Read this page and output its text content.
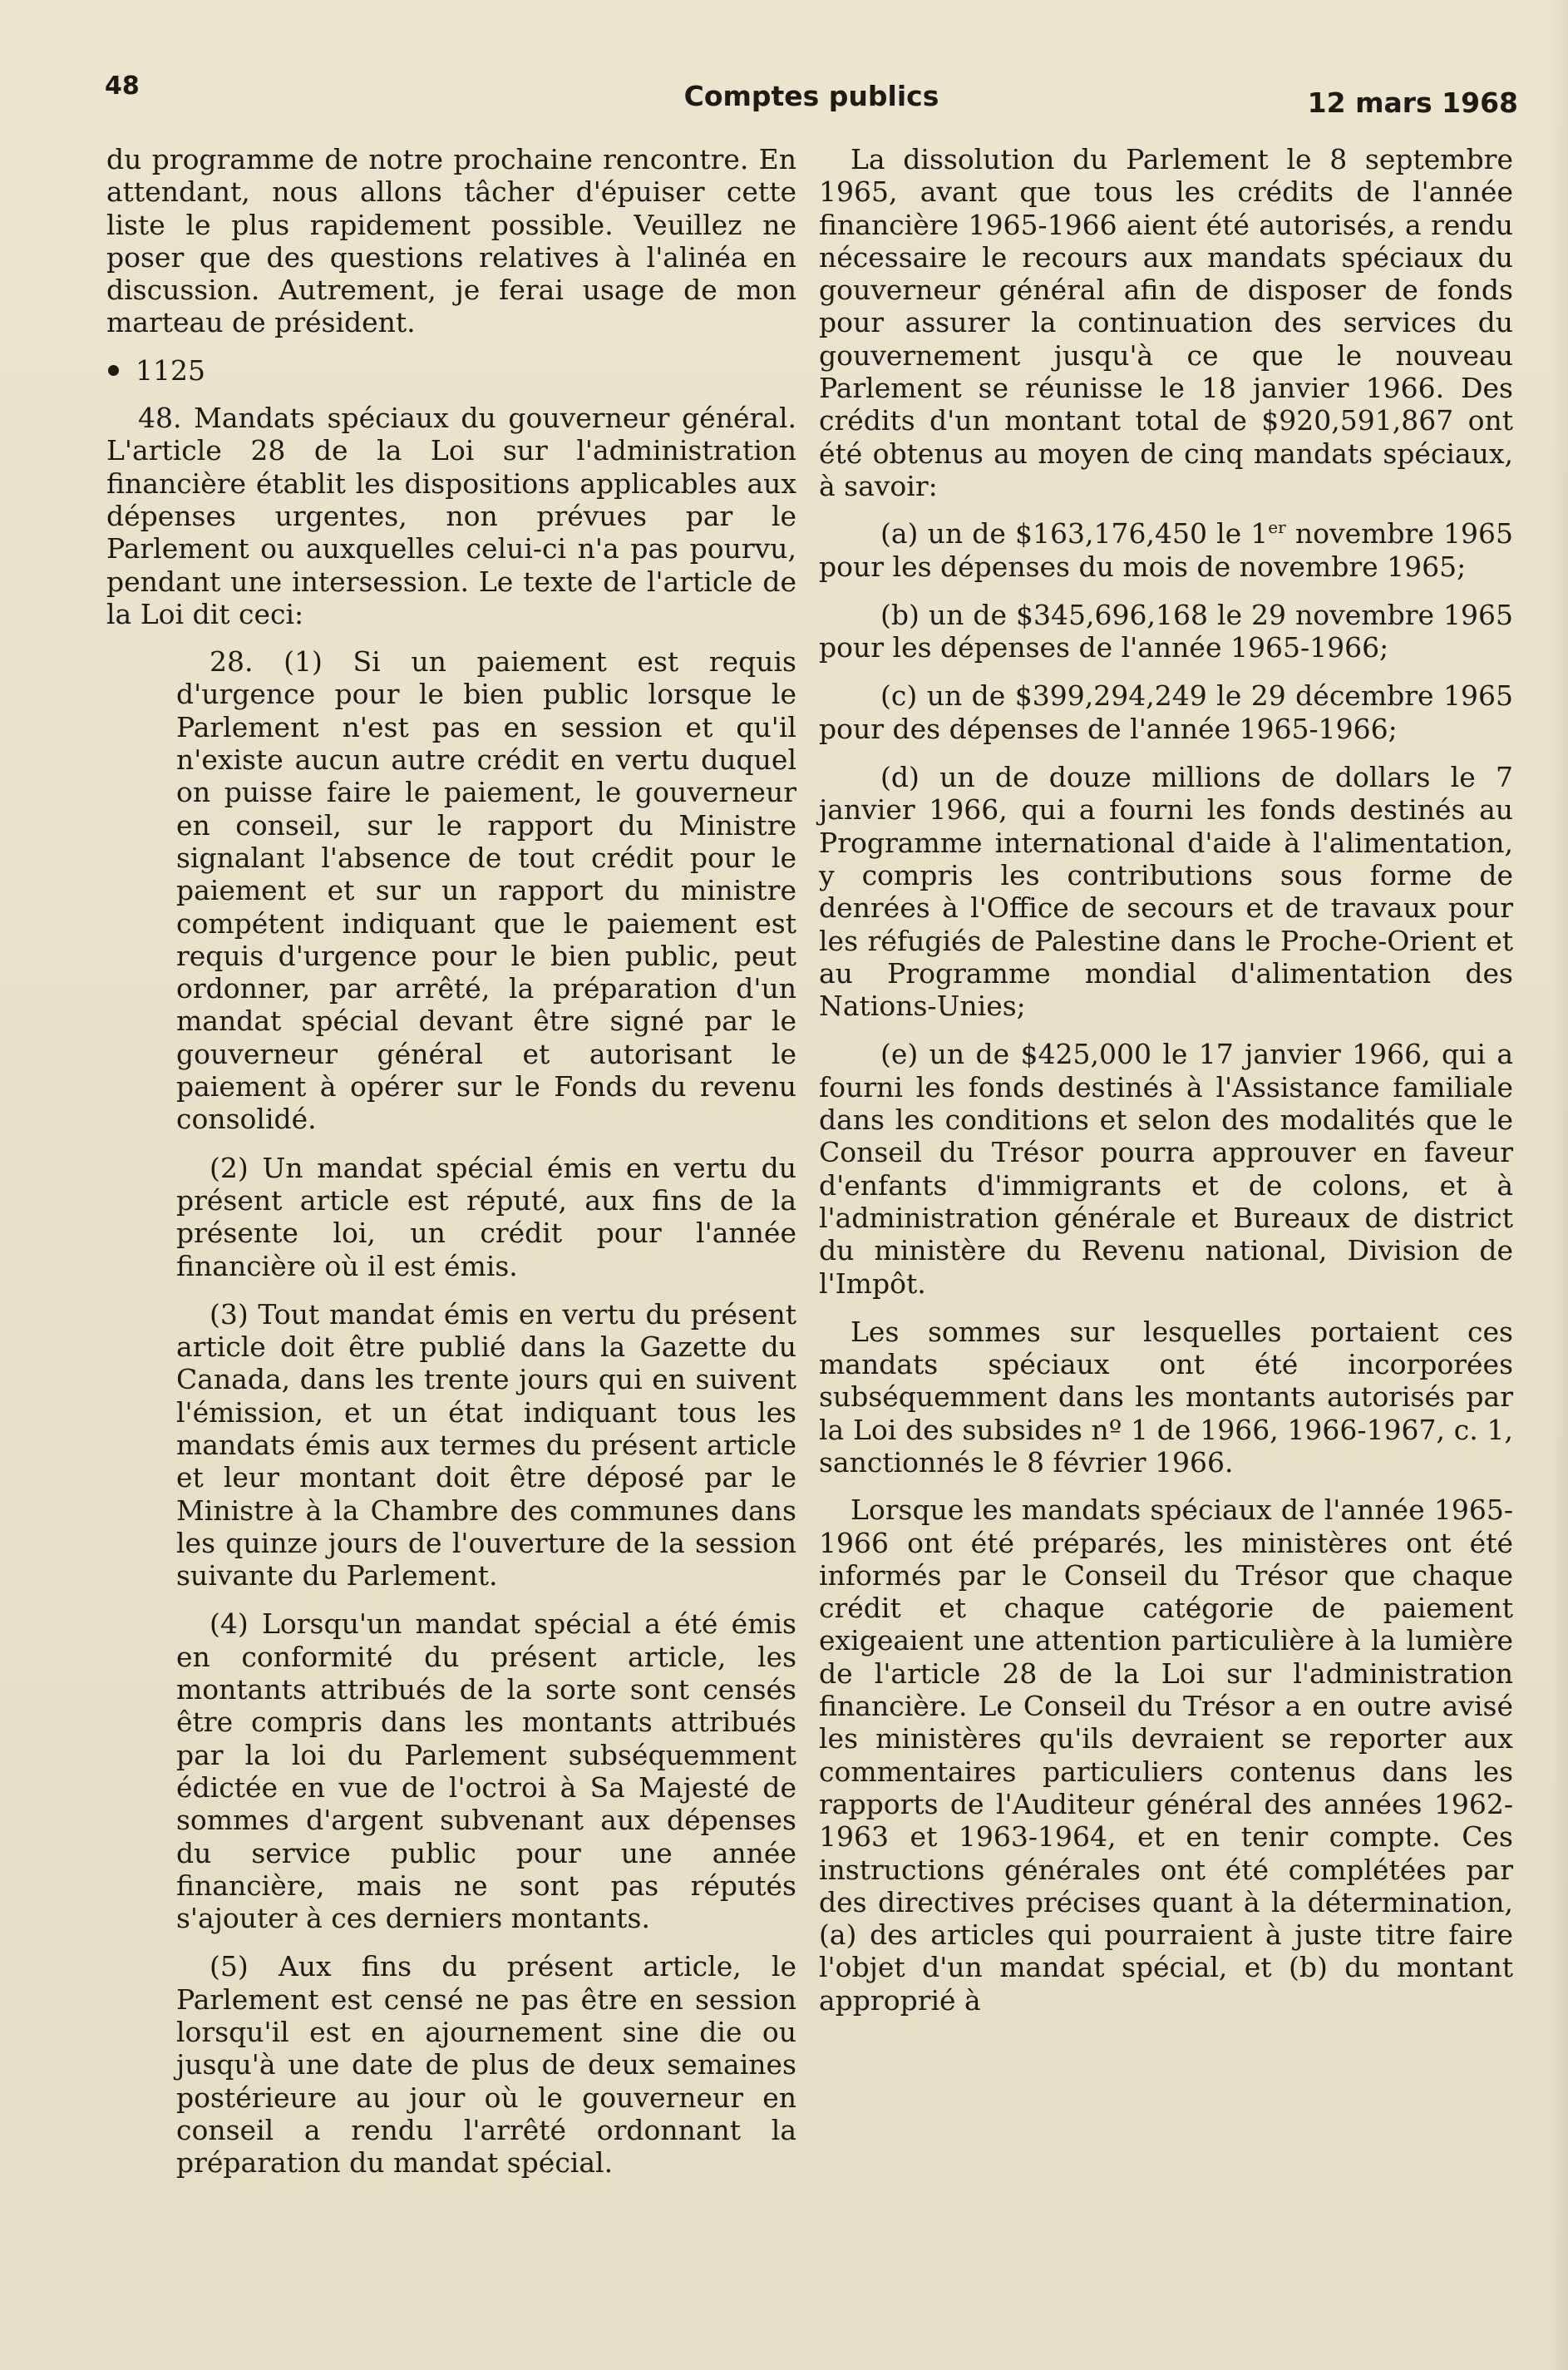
48	Comptes publics	12 mars 1968

du programme de notre prochaine rencontre. En attendant, nous allons tâcher d'épuiser cette liste le plus rapidement possible. Veuillez ne poser que des questions relatives à l'alinéa en discussion. Autrement, je ferai usage de mon marteau de président.

1125

48. Mandats spéciaux du gouverneur général. L'article 28 de la Loi sur l'administration financière établit les dispositions applicables aux dépenses urgentes, non prévues par le Parlement ou auxquelles celui-ci n'a pas pourvu, pendant une intersession. Le texte de l'article de la Loi dit ceci:

28. (1) Si un paiement est requis d'urgence pour le bien public lorsque le Parlement n'est pas en session et qu'il n'existe aucun autre crédit en vertu duquel on puisse faire le paiement, le gouverneur en conseil, sur le rapport du Ministre signalant l'absence de tout crédit pour le paiement et sur un rapport du ministre compétent indiquant que le paiement est requis d'urgence pour le bien public, peut ordonner, par arrêté, la préparation d'un mandat spécial devant être signé par le gouverneur général et autorisant le paiement à opérer sur le Fonds du revenu consolidé.

(2) Un mandat spécial émis en vertu du présent article est réputé, aux fins de la présente loi, un crédit pour l'année financière où il est émis.

(3) Tout mandat émis en vertu du présent article doit être publié dans la Gazette du Canada, dans les trente jours qui en suivent l'émission, et un état indiquant tous les mandats émis aux termes du présent article et leur montant doit être déposé par le Ministre à la Chambre des communes dans les quinze jours de l'ouverture de la session suivante du Parlement.

(4) Lorsqu'un mandat spécial a été émis en conformité du présent article, les montants attribués de la sorte sont censés être compris dans les montants attribués par la loi du Parlement subséquemment édictée en vue de l'octroi à Sa Majesté de sommes d'argent subvenant aux dépenses du service public pour une année financière, mais ne sont pas réputés s'ajouter à ces derniers montants.

(5) Aux fins du présent article, le Parlement est censé ne pas être en session lorsqu'il est en ajournement sine die ou jusqu'à une date de plus de deux semaines postérieure au jour où le gouverneur en conseil a rendu l'arrêté ordonnant la préparation du mandat spécial.

La dissolution du Parlement le 8 septembre 1965, avant que tous les crédits de l'année financière 1965-1966 aient été autorisés, a rendu nécessaire le recours aux mandats spéciaux du gouverneur général afin de disposer de fonds pour assurer la continuation des services du gouvernement jusqu'à ce que le nouveau Parlement se réunisse le 18 janvier 1966. Des crédits d'un montant total de $920,591,867 ont été obtenus au moyen de cinq mandats spéciaux, à savoir:

(a) un de $163,176,450 le 1er novembre 1965 pour les dépenses du mois de novembre 1965;

(b) un de $345,696,168 le 29 novembre 1965 pour les dépenses de l'année 1965-1966;

(c) un de $399,294,249 le 29 décembre 1965 pour des dépenses de l'année 1965-1966;

(d) un de douze millions de dollars le 7 janvier 1966, qui a fourni les fonds destinés au Programme international d'aide à l'alimentation, y compris les contributions sous forme de denrées à l'Office de secours et de travaux pour les réfugiés de Palestine dans le Proche-Orient et au Programme mondial d'alimentation des Nations-Unies;

(e) un de $425,000 le 17 janvier 1966, qui a fourni les fonds destinés à l'Assistance familiale dans les conditions et selon des modalités que le Conseil du Trésor pourra approuver en faveur d'enfants d'immigrants et de colons, et à l'administration générale et Bureaux de district du ministère du Revenu national, Division de l'Impôt.

Les sommes sur lesquelles portaient ces mandats spéciaux ont été incorporées subséquemment dans les montants autorisés par la Loi des subsides nº 1 de 1966, 1966-1967, c. 1, sanctionnés le 8 février 1966.

Lorsque les mandats spéciaux de l'année 1965-1966 ont été préparés, les ministères ont été informés par le Conseil du Trésor que chaque crédit et chaque catégorie de paiement exigeaient une attention particulière à la lumière de l'article 28 de la Loi sur l'administration financière. Le Conseil du Trésor a en outre avisé les ministères qu'ils devraient se reporter aux commentaires particuliers contenus dans les rapports de l'Auditeur général des années 1962-1963 et 1963-1964, et en tenir compte. Ces instructions générales ont été complétées par des directives précises quant à la détermination, (a) des articles qui pourraient à juste titre faire l'objet d'un mandat spécial, et (b) du montant approprié à
